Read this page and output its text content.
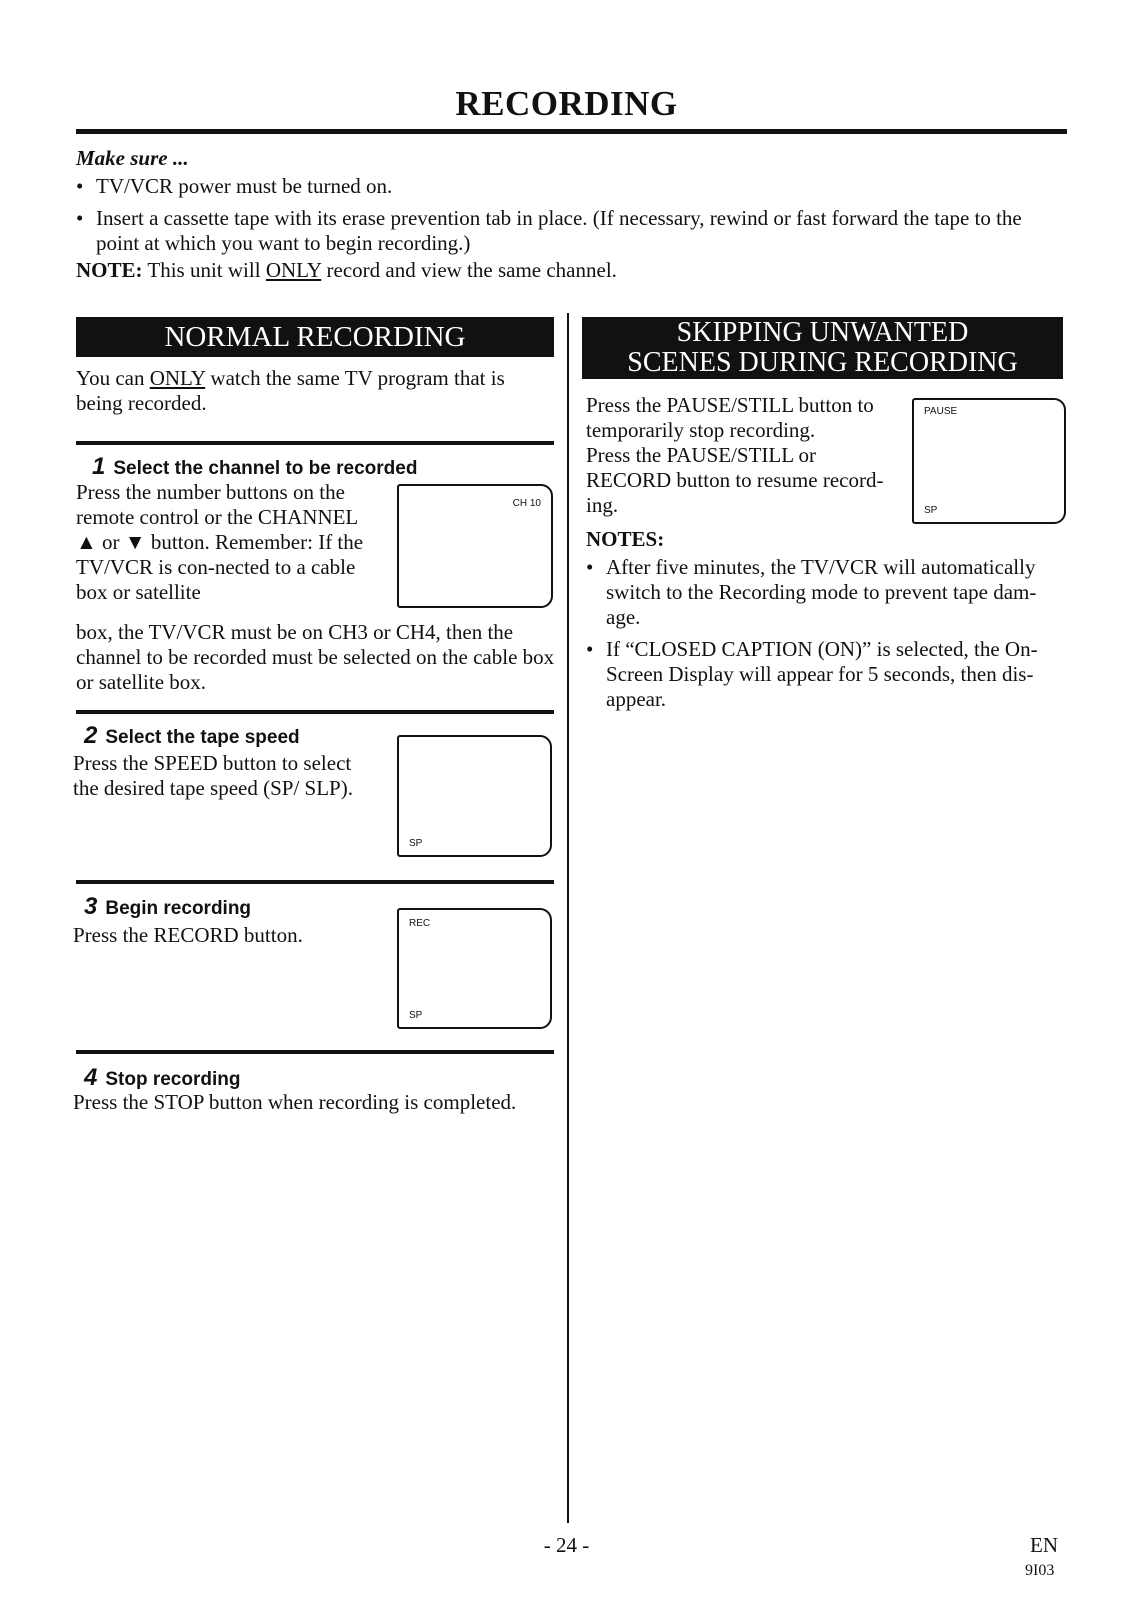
RECORDING
Make sure ...
• TV/VCR power must be turned on.
• Insert a cassette tape with its erase prevention tab in place. (If necessary, rewind or fast forward the tape to the point at which you want to begin recording.)
NOTE: This unit will ONLY record and view the same channel.
NORMAL RECORDING
You can ONLY watch the same TV program that is being recorded.
1 Select the channel to be recorded
Press the number buttons on the remote control or the CHANNEL ▲ or ▼ button. Remember: If the TV/VCR is con-nected to a cable box or satellite
CH 10
box, the TV/VCR must be on CH3 or CH4, then the channel to be recorded must be selected on the cable box or satellite box.
2 Select the tape speed
Press the SPEED button to select the desired tape speed (SP/ SLP).
SP
3 Begin recording
Press the RECORD button.	REC
SP
4 Stop recording
Press the STOP button when recording is completed.
SKIPPING UNWANTED
SCENES DURING RECORDING
Press the PAUSE/STILL button to temporarily stop recording.
Press the PAUSE/STILL or RECORD button to resume record-ing.
PAUSE
SP
NOTES:
• After five minutes, the TV/VCR will automatically switch to the Recording mode to prevent tape dam-age.
• If “CLOSED CAPTION (ON)” is selected, the On-Screen Display will appear for 5 seconds, then dis-appear.
- 24 -	EN
9I03
